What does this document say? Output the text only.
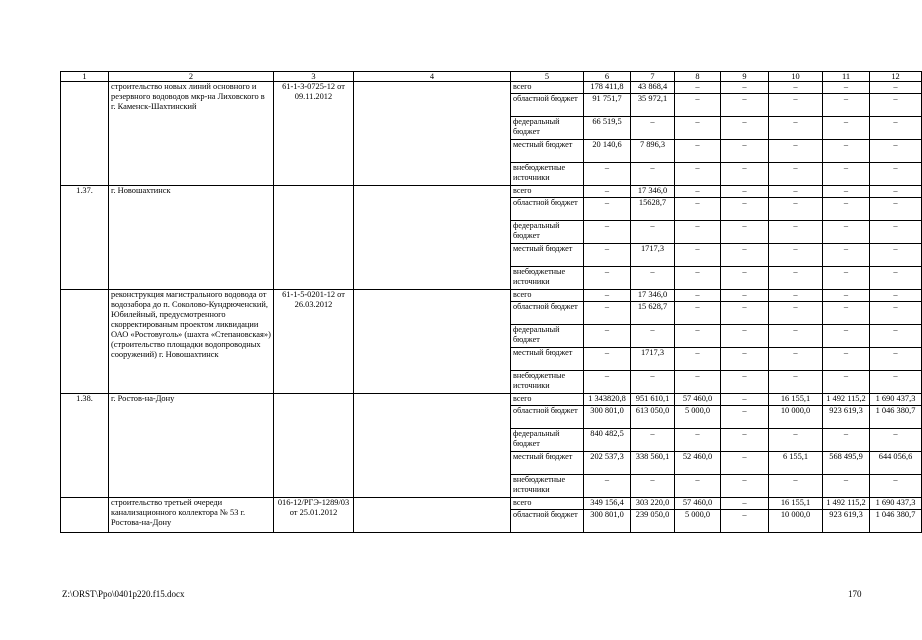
1	2	3	4	5	6	7	8	9	10	11	12
	строительство новых линий основного и резервного водоводов мкр-на Лиховского в г. Каменск-Шахтинский	61-1-3-0725-12 от 09.11.2012		всего	178 411,8	43 868,4	–	–	–	–	–
				областной бюджет	91 751,7	35 972,1	–	–	–	–	–
				федеральный бюджет	66 519,5	–	–	–	–	–	–
				местный бюджет	20 140,6	7 896,3	–	–	–	–	–
				внебюджетные источники	–	–	–	–	–	–	–
1.37.	г. Новошахтинск			всего	–	17 346,0	–	–	–	–	–
				областной бюджет	–	15628,7	–	–	–	–	–
				федеральный бюджет	–	–	–	–	–	–	–
				местный бюджет	–	1717,3	–	–	–	–	–
				внебюджетные источники	–	–	–	–	–	–	–
	реконструкция магистрального водовода от водозабора до п. Соколово-Кундрюченский, Юбилейный, предусмотренного скорректированым проектом ликвидации ОАО «Ростовуголь» (шахта «Степановская») (строительство площадки водопроводных сооружений) г. Новошахтинск	61-1-5-0201-12 от 26.03.2012		всего	–	17 346,0	–	–	–	–	–
				областной бюджет	–	15 628,7	–	–	–	–	–
				федеральный бюджет	–	–	–	–	–	–	–
				местный бюджет	–	1717,3	–	–	–	–	–
				внебюджетные источники	–	–	–	–	–	–	–
1.38.	г. Ростов-на-Дону			всего	1 343820,8	951 610,1	57 460,0	–	16 155,1	1 492 115,2	1 690 437,3
				областной бюджет	300 801,0	613 050,0	5 000,0	–	10 000,0	923 619,3	1 046 380,7
				федеральный бюджет	840 482,5	–	–	–	–	–	–
				местный бюджет	202 537,3	338 560,1	52 460,0	–	6 155,1	568 495,9	644 056,6
				внебюджетные источники	–	–	–	–	–	–	–
	строительство третьей очереди канализационного коллектора № 53 г. Ростова-на-Дону	016-12/РГЭ-1289/03 от 25.01.2012		всего	349 156,4	303 220,0	57 460,0	–	16 155,1	1 492 115,2	1 690 437,3
				областной бюджет	300 801,0	239 050,0	5 000,0	–	10 000,0	923 619,3	1 046 380,7
Z:\ORST\Ppo\0401p220.f15.docx	170
